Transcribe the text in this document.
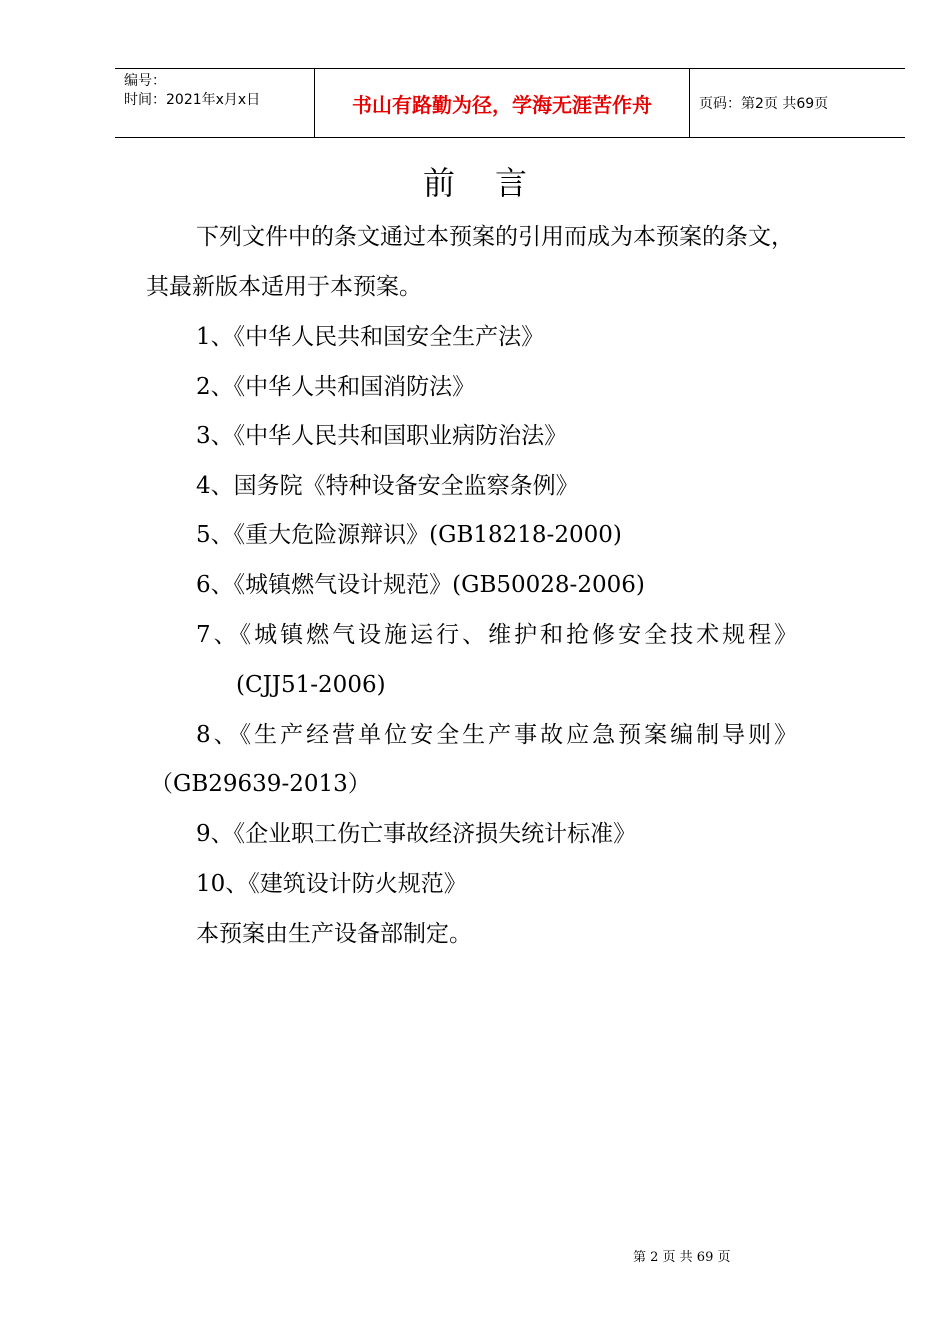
编号：
时间：2021年x月x日	书山有路勤为径，学海无涯苦作舟	页码：第2页 共69页
前言
下列文件中的条文通过本预案的引用而成为本预案的条文，
其最新版本适用于本预案。
1、《中华人民共和国安全生产法》
2、《中华人共和国消防法》
3、《中华人民共和国职业病防治法》
4、国务院《特种设备安全监察条例》
5、《重大危险源辩识》(GB18218-2000)
6、《城镇燃气设计规范》(GB50028-2006)
7、《城镇燃气设施运行、维护和抢修安全技术规程》
(CJJ51-2006)
8、《生产经营单位安全生产事故应急预案编制导则》
（GB29639-2013）
9、《企业职工伤亡事故经济损失统计标准》
10、《建筑设计防火规范》
本预案由生产设备部制定。
第 2 页 共 69 页
